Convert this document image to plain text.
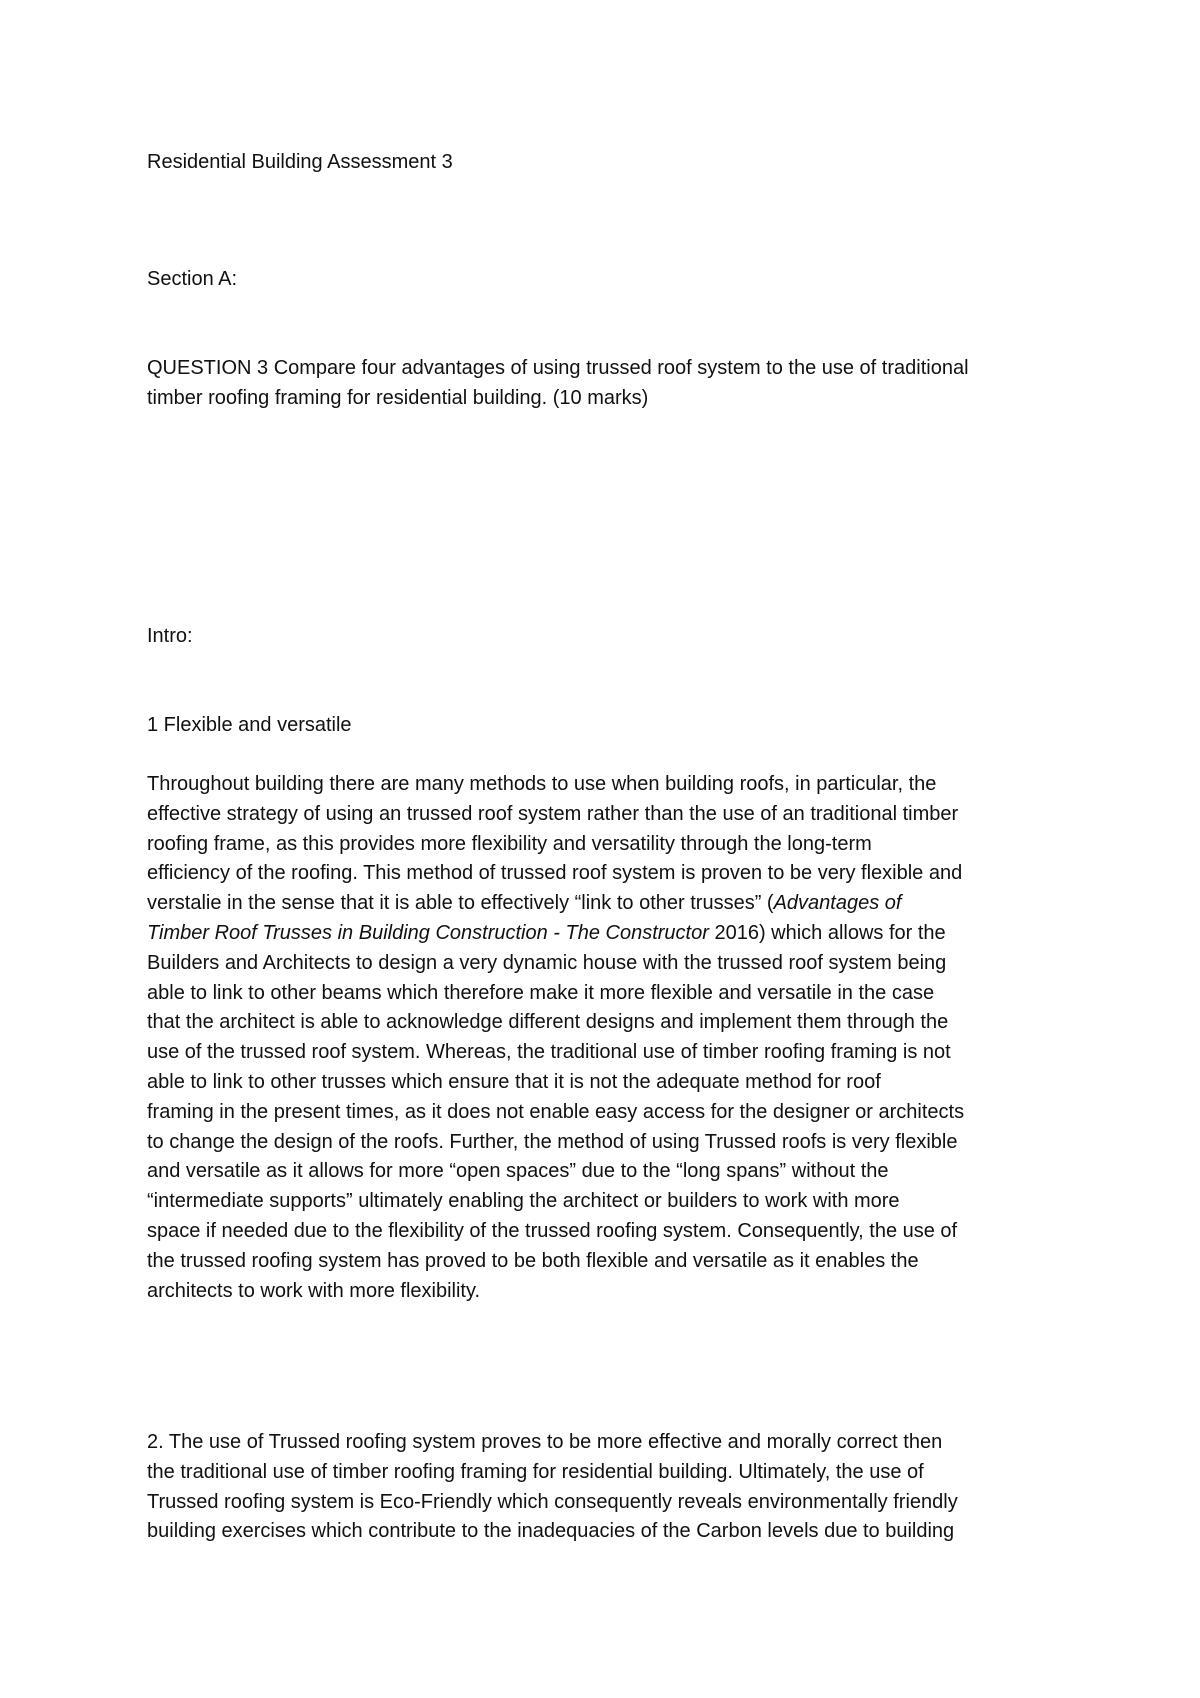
Residential Building Assessment 3

Section A:

QUESTION 3 Compare four advantages of using trussed roof system to the use of traditional
timber roofing framing for residential building. (10 marks)

Intro:

1 Flexible and versatile

Throughout building there are many methods to use when building roofs, in particular, the
effective strategy of using an trussed roof system rather than the use of an traditional timber
roofing frame, as this provides more flexibility and versatility through the long-term
efficiency of the roofing. This method of trussed roof system is proven to be very flexible and
verstalie in the sense that it is able to effectively “link to other trusses” (Advantages of
Timber Roof Trusses in Building Construction - The Constructor 2016) which allows for the
Builders and Architects to design a very dynamic house with the trussed roof system being
able to link to other beams which therefore make it more flexible and versatile in the case
that the architect is able to acknowledge different designs and implement them through the
use of the trussed roof system. Whereas, the traditional use of timber roofing framing is not
able to link to other trusses which ensure that it is not the adequate method for roof
framing in the present times, as it does not enable easy access for the designer or architects
to change the design of the roofs. Further, the method of using Trussed roofs is very flexible
and versatile as it allows for more “open spaces” due to the “long spans” without the
“intermediate supports” ultimately enabling the architect or builders to work with more
space if needed due to the flexibility of the trussed roofing system. Consequently, the use of
the trussed roofing system has proved to be both flexible and versatile as it enables the
architects to work with more flexibility.

2. The use of Trussed roofing system proves to be more effective and morally correct then
the traditional use of timber roofing framing for residential building. Ultimately, the use of
Trussed roofing system is Eco-Friendly which consequently reveals environmentally friendly
building exercises which contribute to the inadequacies of the Carbon levels due to building
